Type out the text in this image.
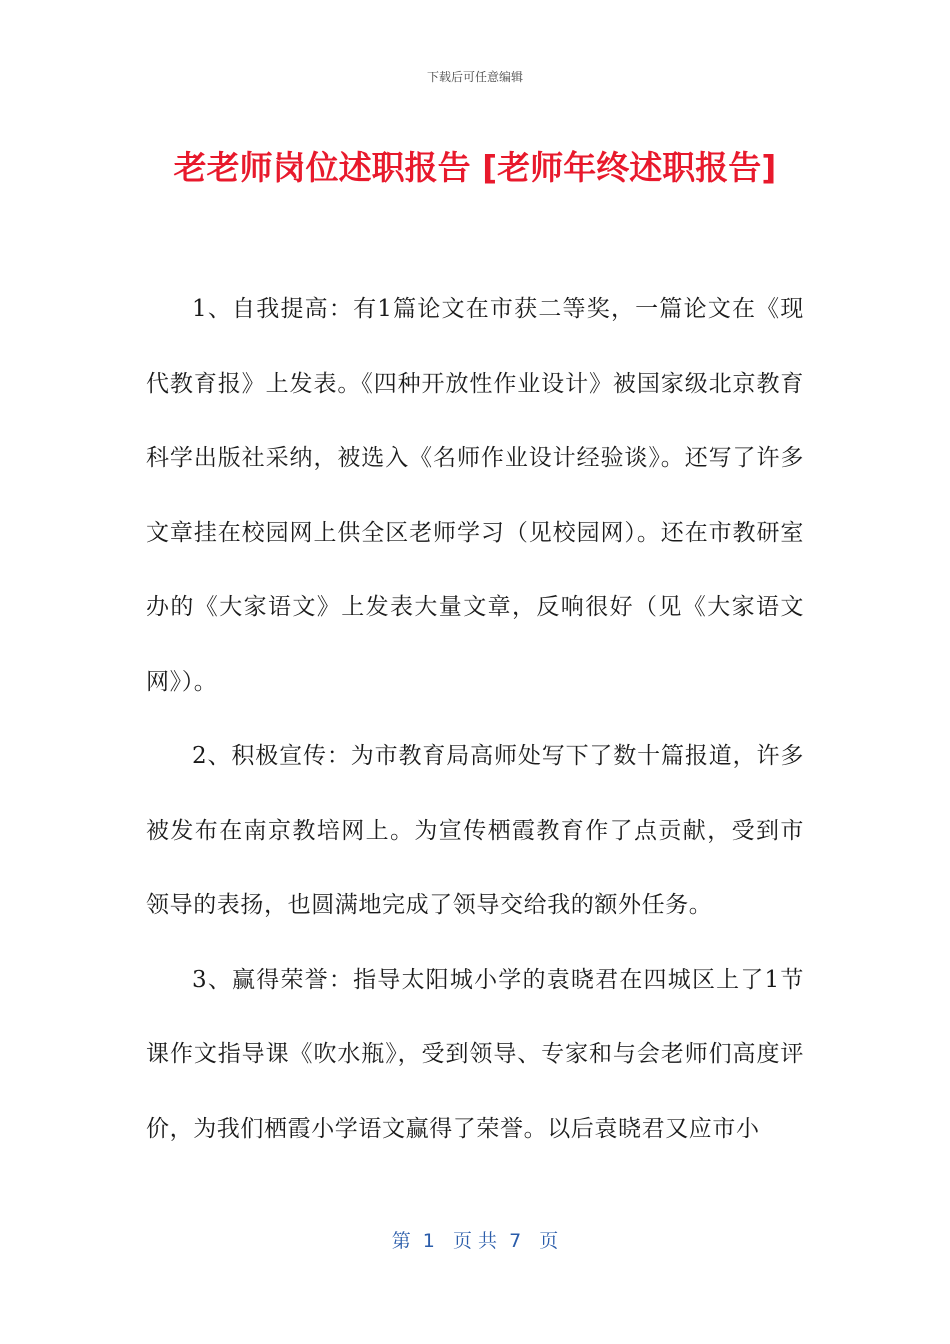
下载后可任意编辑
老老师岗位述职报告 [老师年终述职报告]

1、自我提高：有1篇论文在市获二等奖，一篇论文在《现代教育报》上发表。《四种开放性作业设计》被国家级北京教育科学出版社采纳，被选入《名师作业设计经验谈》。还写了许多文章挂在校园网上供全区老师学习（见校园网）。还在市教研室办的《大家语文》上发表大量文章，反响很好（见《大家语文网》）。

2、积极宣传：为市教育局高师处写下了数十篇报道，许多被发布在南京教培网上。为宣传栖霞教育作了点贡献，受到市领导的表扬，也圆满地完成了领导交给我的额外任务。

3、赢得荣誉：指导太阳城小学的袁晓君在四城区上了1节课作文指导课《吹水瓶》，受到领导、专家和与会老师们高度评价，为我们栖霞小学语文赢得了荣誉。以后袁晓君又应市小

第  1   页 共  7   页
